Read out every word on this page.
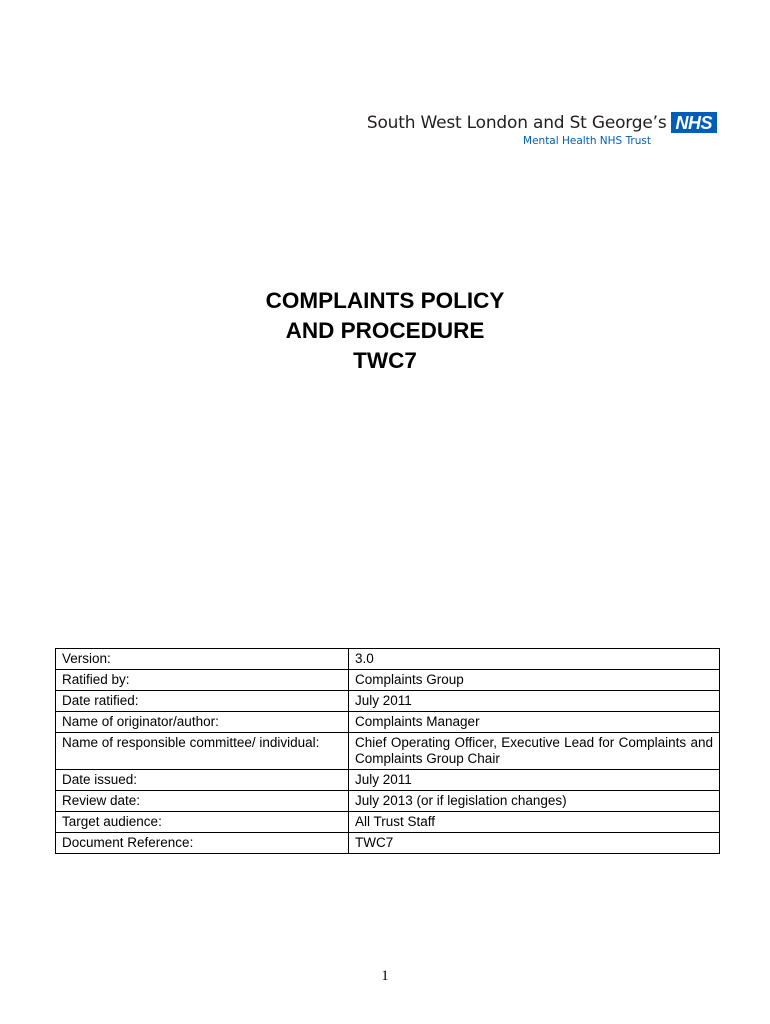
South West London and St George’s NHS
Mental Health NHS Trust
COMPLAINTS POLICY
AND PROCEDURE
TWC7
Version:	3.0
Ratified by:	Complaints Group
Date ratified:	July 2011
Name of originator/author:	Complaints Manager
Name of responsible committee/ individual:	Chief Operating Officer, Executive Lead for Complaints and Complaints Group Chair
Date issued:	July 2011
Review date:	July 2013 (or if legislation changes)
Target audience:	All Trust Staff
Document Reference:	TWC7
1
